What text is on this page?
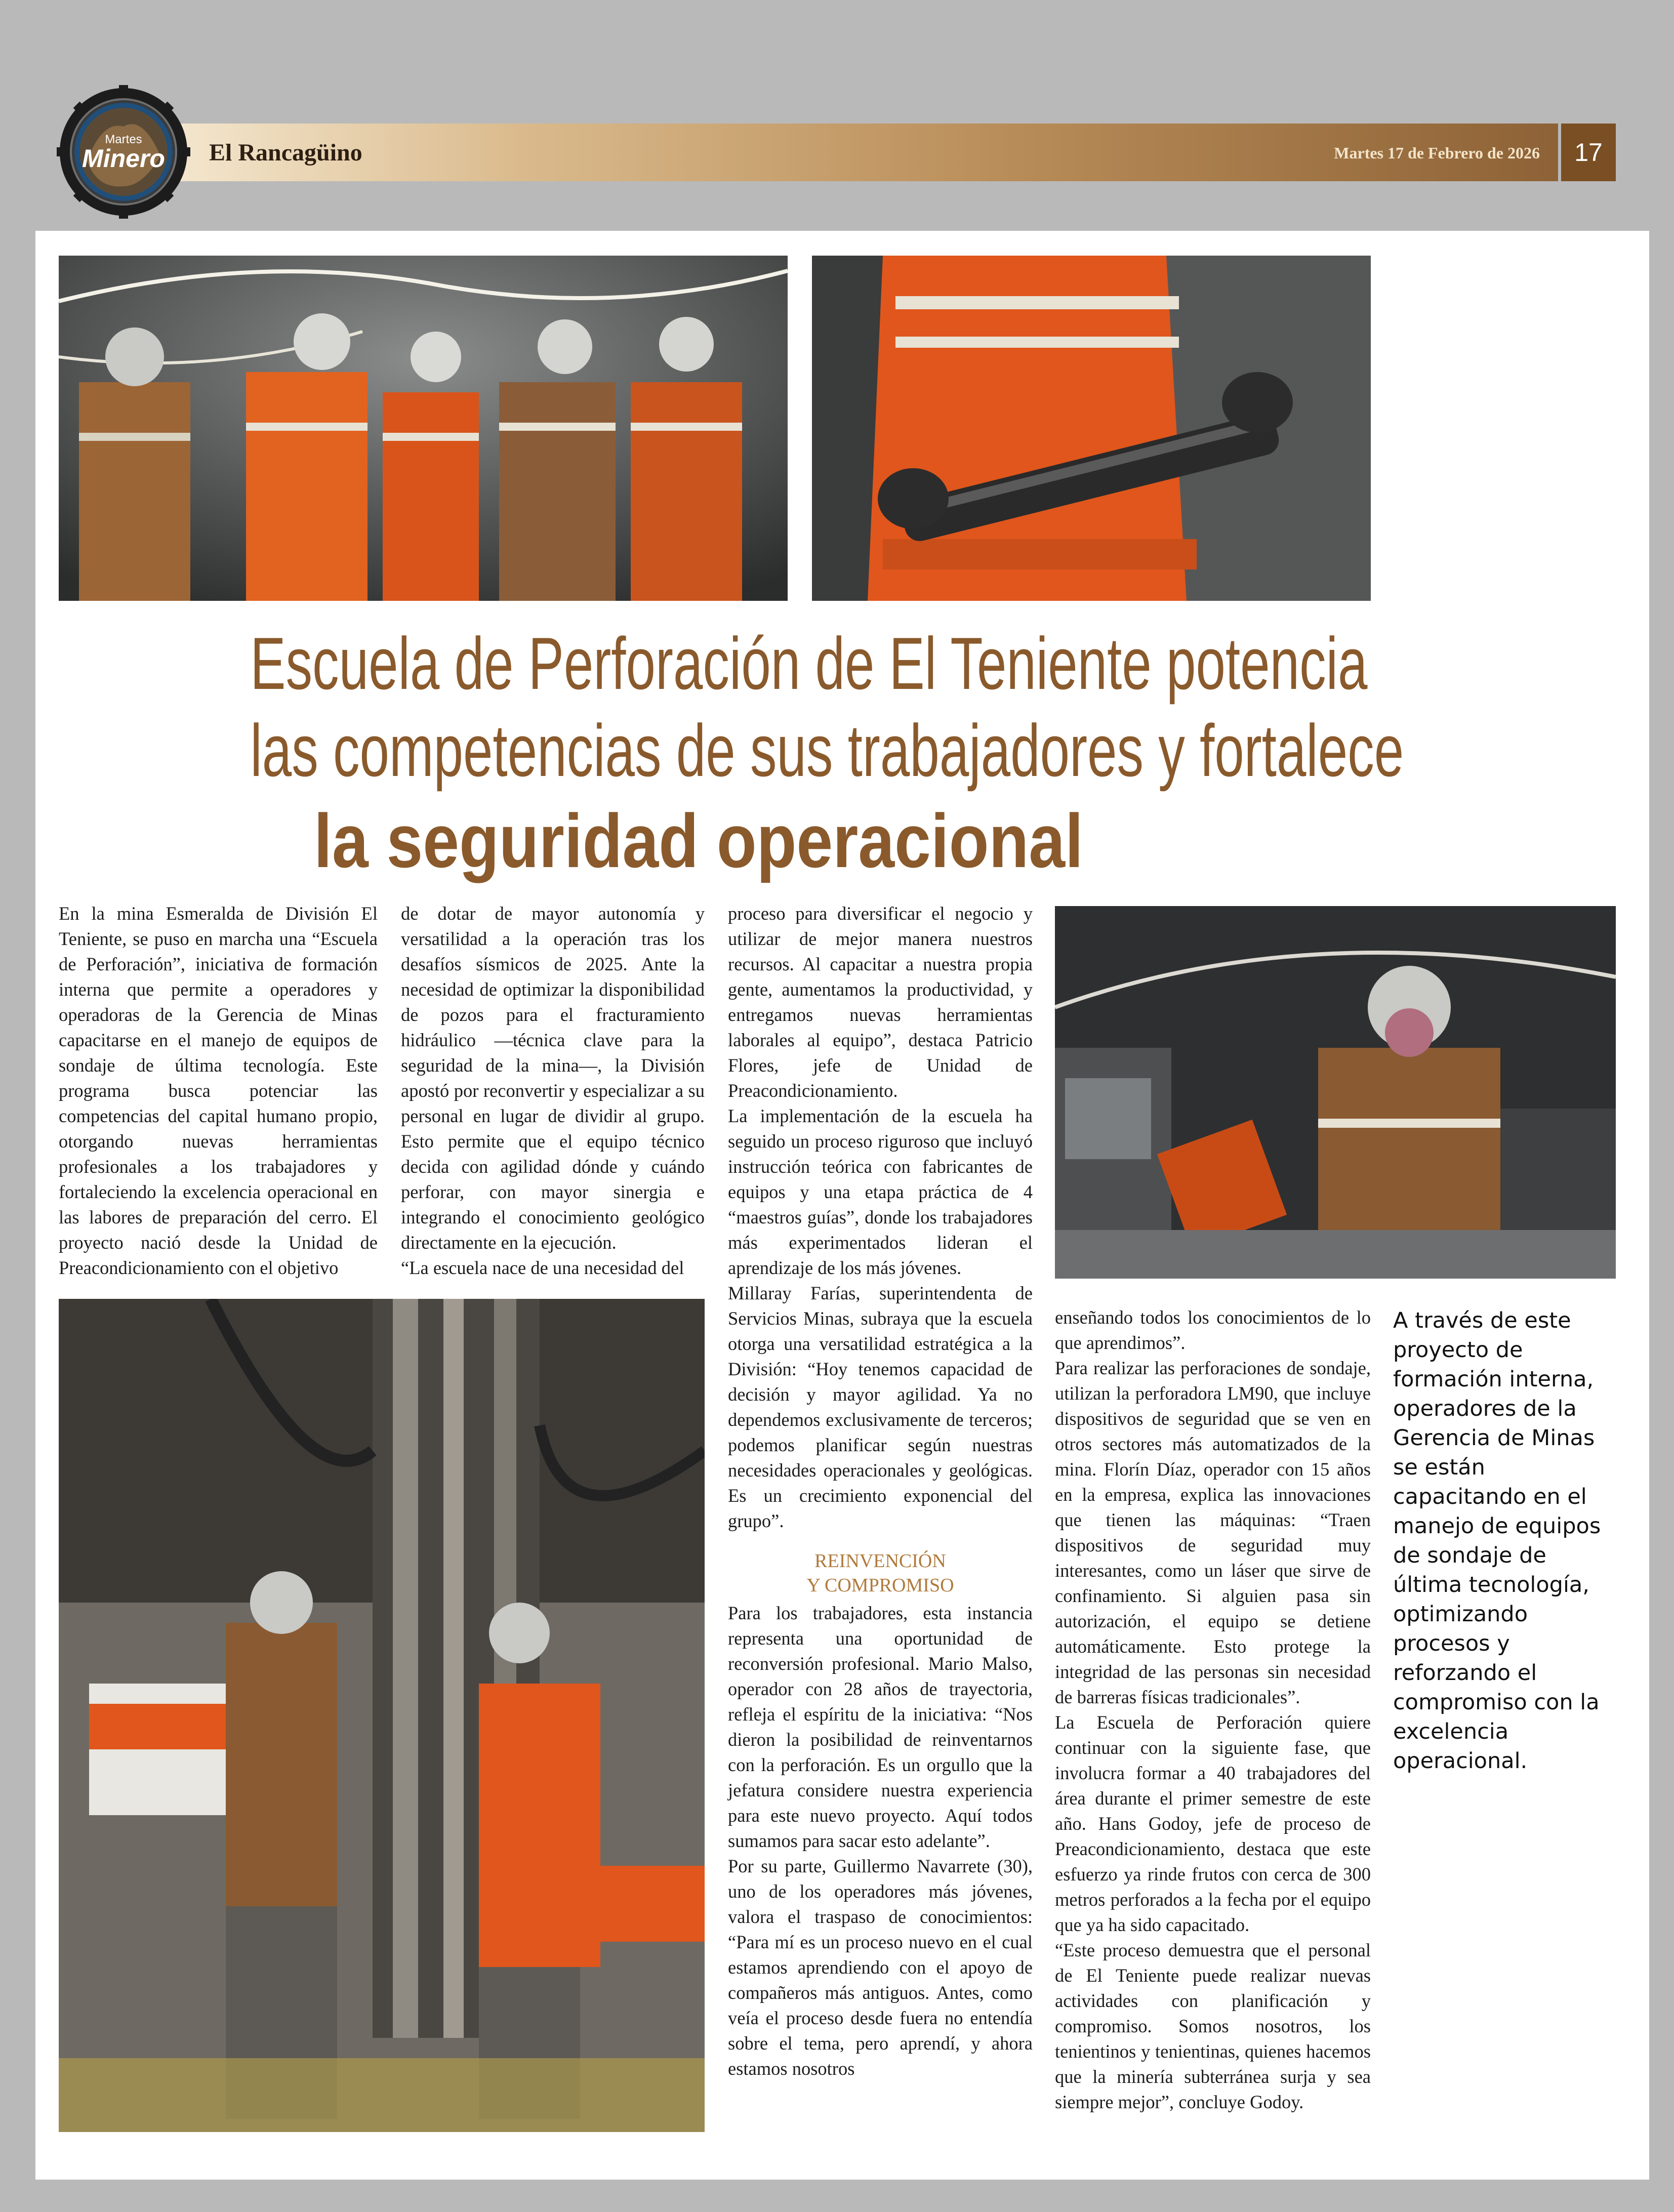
El Rancagüino	Martes 17 de Febrero de 2026	17
Martes
Minero
Escuela de Perforación de El Teniente potencia
las competencias de sus trabajadores y fortalece
la seguridad operacional

En la mina Esmeralda de División El Teniente, se puso en marcha una “Escuela de Perforación”, iniciativa de formación interna que permite a operadores y operadoras de la Gerencia de Minas capacitarse en el manejo de equipos de sondaje de última tecnología. Este programa busca potenciar las competencias del capital humano propio, otorgando nuevas herramientas profesionales a los trabajadores y fortaleciendo la excelencia operacional en las labores de preparación del cerro. El proyecto nació desde la Unidad de Preacondicionamiento con el objetivo

de dotar de mayor autonomía y versatilidad a la operación tras los desafíos sísmicos de 2025. Ante la necesidad de optimizar la disponibilidad de pozos para el fracturamiento hidráulico —técnica clave para la seguridad de la mina—, la División apostó por reconvertir y especializar a su personal en lugar de dividir al grupo. Esto permite que el equipo técnico decida con agilidad dónde y cuándo perforar, con mayor sinergia e integrando el conocimiento geológico directamente en la ejecución.

“La escuela nace de una necesidad del

proceso para diversificar el negocio y utilizar de mejor manera nuestros recursos. Al capacitar a nuestra propia gente, aumentamos la productividad, y entregamos nuevas herramientas laborales al equipo”, destaca Patricio Flores, jefe de Unidad de Preacondicionamiento.

La implementación de la escuela ha seguido un proceso riguroso que incluyó instrucción teórica con fabricantes de equipos y una etapa práctica de 4 “maestros guías”, donde los trabajadores más experimentados lideran el aprendizaje de los más jóvenes.

Millaray Farías, superintendenta de Servicios Minas, subraya que la escuela otorga una versatilidad estratégica a la División: “Hoy tenemos capacidad de decisión y mayor agilidad. Ya no dependemos exclusivamente de terceros; podemos planificar según nuestras necesidades operacionales y geológicas. Es un crecimiento exponencial del grupo”.

REINVENCIÓN
Y COMPROMISO

Para los trabajadores, esta instancia representa una oportunidad de reconversión profesional. Mario Malso, operador con 28 años de trayectoria, refleja el espíritu de la iniciativa: “Nos dieron la posibilidad de reinventarnos con la perforación. Es un orgullo que la jefatura considere nuestra experiencia para este nuevo proyecto. Aquí todos sumamos para sacar esto adelante”.

Por su parte, Guillermo Navarrete (30), uno de los operadores más jóvenes, valora el traspaso de conocimientos: “Para mí es un proceso nuevo en el cual estamos aprendiendo con el apoyo de compañeros más antiguos. Antes, como veía el proceso desde fuera no entendía sobre el tema, pero aprendí, y ahora estamos nosotros

enseñando todos los conocimientos de lo que aprendimos”.

Para realizar las perforaciones de sondaje, utilizan la perforadora LM90, que incluye dispositivos de seguridad que se ven en otros sectores más automatizados de la mina. Florín Díaz, operador con 15 años en la empresa, explica las innovaciones que tienen las máquinas: “Traen dispositivos de seguridad muy interesantes, como un láser que sirve de confinamiento. Si alguien pasa sin autorización, el equipo se detiene automáticamente. Esto protege la integridad de las personas sin necesidad de barreras físicas tradicionales”.

La Escuela de Perforación quiere continuar con la siguiente fase, que involucra formar a 40 trabajadores del área durante el primer semestre de este año. Hans Godoy, jefe de proceso de Preacondicionamiento, destaca que este esfuerzo ya rinde frutos con cerca de 300 metros perforados a la fecha por el equipo que ya ha sido capacitado.

“Este proceso demuestra que el personal de El Teniente puede realizar nuevas actividades con planificación y compromiso. Somos nosotros, los tenientinos y tenientinas, quienes hacemos que la minería subterránea surja y sea siempre mejor”, concluye Godoy.

A través de este proyecto de formación interna, operadores de la Gerencia de Minas se están capacitando en el manejo de equipos de sondaje de última tecnología, optimizando procesos y reforzando el compromiso con la excelencia operacional.
